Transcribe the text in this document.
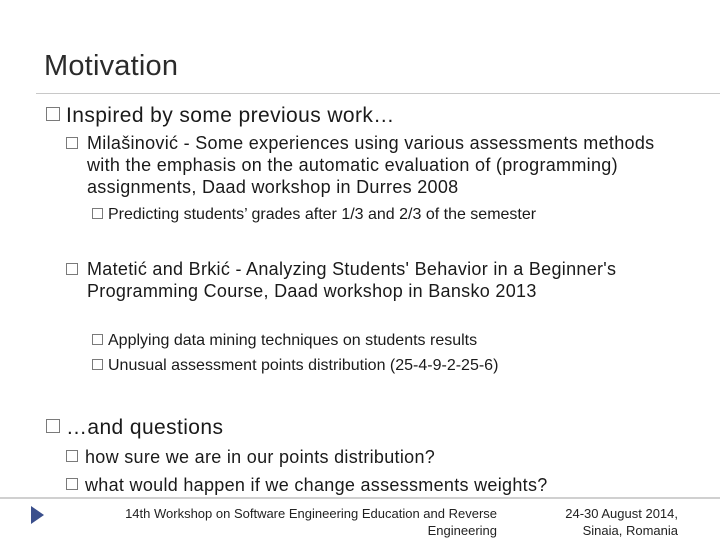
Motivation
Inspired by some previous work…
Milašinović - Some experiences using various assessments methods with the emphasis on the automatic evaluation of (programming) assignments, Daad workshop in Durres 2008
Predicting students’ grades after 1/3 and 2/3 of the semester
Matetić and Brkić - Analyzing Students' Behavior in a Beginner's Programming Course, Daad workshop in Bansko 2013
Applying data mining techniques on students results
Unusual assessment points distribution (25-4-9-2-25-6)
…and questions
how sure we are in our points distribution?
what would happen if we change assessments weights?
14th Workshop on Software Engineering Education and Reverse
Engineering
24-30 August 2014,
Sinaia, Romania
